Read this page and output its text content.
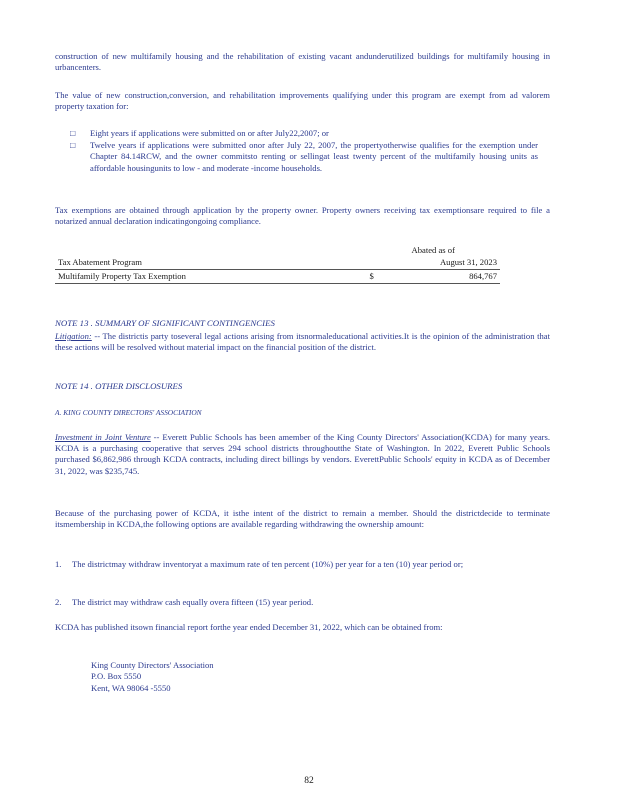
construction of new multifamily housing and the rehabilitation of existing vacant andunderutilized buildings for multifamily housing in urbancenters.

The value of new construction,conversion, and rehabilitation improvements qualifying under this program are exempt from ad valorem property taxation for:

□ Eight years if applications were submitted on or after July22,2007; or
□ Twelve years if applications were submitted onor after July 22, 2007, the propertyotherwise qualifies for the exemption under Chapter 84.14RCW, and the owner commitsto renting or sellingat least twenty percent of the multifamily housing units as affordable housingunits to low - and moderate -income households.

Tax exemptions are obtained through application by the property owner. Property owners receiving tax exemptionsare required to file a notarized annual declaration indicatingongoing compliance.

Tax Abatement Program	Abated as of
August 31, 2023	

Multifamily Property Tax Exemption	$	864,767

NOTE 13 . SUMMARY OF SIGNIFICANT CONTINGENCIES

Litigation: -- The districtis party toseveral legal actions arising from itsnormaleducational activities.It is the opinion of the administration that these actions will be resolved without material impact on the financial position of the district.

NOTE 14 . OTHER DISCLOSURES

A. KING COUNTY DIRECTORS' ASSOCIATION

Investment in Joint Venture -- Everett Public Schools has been amember of the King County Directors' Association(KCDA) for many years. KCDA is a purchasing cooperative that serves 294 school districts throughoutthe State of Washington. In 2022, Everett Public Schools purchased $6,862,986 through KCDA contracts, including direct billings by vendors. EverettPublic Schools' equity in KCDA as of December 31, 2022, was $235,745.

Because of the purchasing power of KCDA, it isthe intent of the district to remain a member. Should the districtdecide to terminate itsmembership in KCDA,the following options are available regarding withdrawing the ownership amount:

1.	The districtmay withdraw inventoryat a maximum rate of ten percent (10%) per year for a ten (10) year period or;
2.	The district may withdraw cash equally overa fifteen (15) year period.

KCDA has published itsown financial report forthe year ended December 31, 2022, which can be obtained from:

King County Directors' Association
P.O. Box 5550
Kent, WA 98064 -5550
82
